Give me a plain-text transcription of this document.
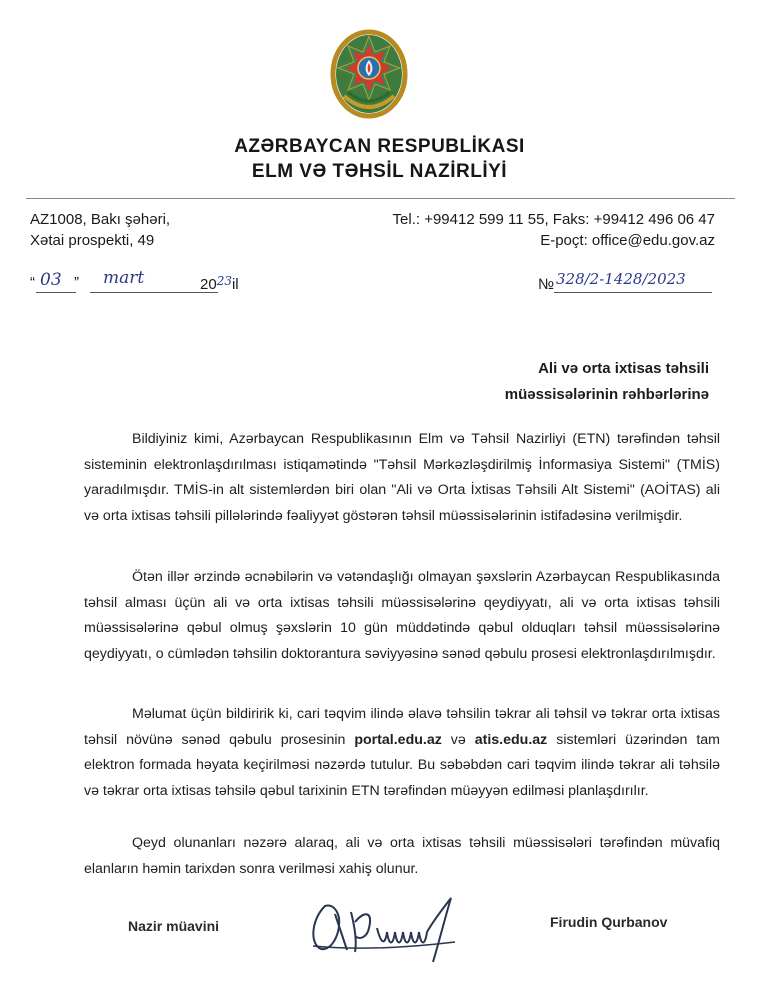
AZƏRBAYCAN RESPUBLİKASI
ELM VƏ TƏHSİL NAZİRLİYİ
AZ1008, Bakı şəhəri,
Xətai prospekti, 49
Tel.: +99412 599 11 55, Faks: +99412 496 06 47
E-poçt: office@edu.gov.az
“ 03 ” mart	$20^{23}il$	№ 328/2-1428/2023
Ali və orta ixtisas təhsili
müəssisələrinin rəhbərlərinə

Bildiyiniz kimi, Azərbaycan Respublikasının Elm və Təhsil Nazirliyi (ETN) tərəfindən təhsil sisteminin elektronlaşdırılması istiqamətində "Təhsil Mərkəzləşdirilmiş İnformasiya Sistemi" (TMİS) yaradılmışdır. TMİS-in alt sistemlərdən biri olan "Ali və Orta İxtisas Təhsili Alt Sistemi" (AOİTAS) ali və orta ixtisas təhsili pillələrində fəaliyyət göstərən təhsil müəssisələrinin istifadəsinə verilmişdir.

Ötən illər ərzində əcnəbilərin və vətəndaşlığı olmayan şəxslərin Azərbaycan Respublikasında təhsil alması üçün ali və orta ixtisas təhsili müəssisələrinə qeydiyyatı, ali və orta ixtisas təhsili müəssisələrinə qəbul olmuş şəxslərin 10 gün müddətində qəbul olduqları təhsil müəssisələrinə qeydiyyatı, o cümlədən təhsilin doktorantura səviyyəsinə sənəd qəbulu prosesi elektronlaşdırılmışdır.

Məlumat üçün bildiririk ki, cari təqvim ilində əlavə təhsilin təkrar ali təhsil və təkrar orta ixtisas təhsil növünə sənəd qəbulu prosesinin portal.edu.az və atis.edu.az sistemləri üzərindən tam elektron formada həyata keçirilməsi nəzərdə tutulur. Bu səbəbdən cari təqvim ilində təkrar ali təhsilə və təkrar orta ixtisas təhsilə qəbul tarixinin ETN tərəfindən müəyyən edilməsi planlaşdırılır.

Qeyd olunanları nəzərə alaraq, ali və orta ixtisas təhsili müəssisələri tərəfindən müvafiq elanların həmin tarixdən sonra verilməsi xahiş olunur.

Nazir müavini	Firudin Qurbanov
